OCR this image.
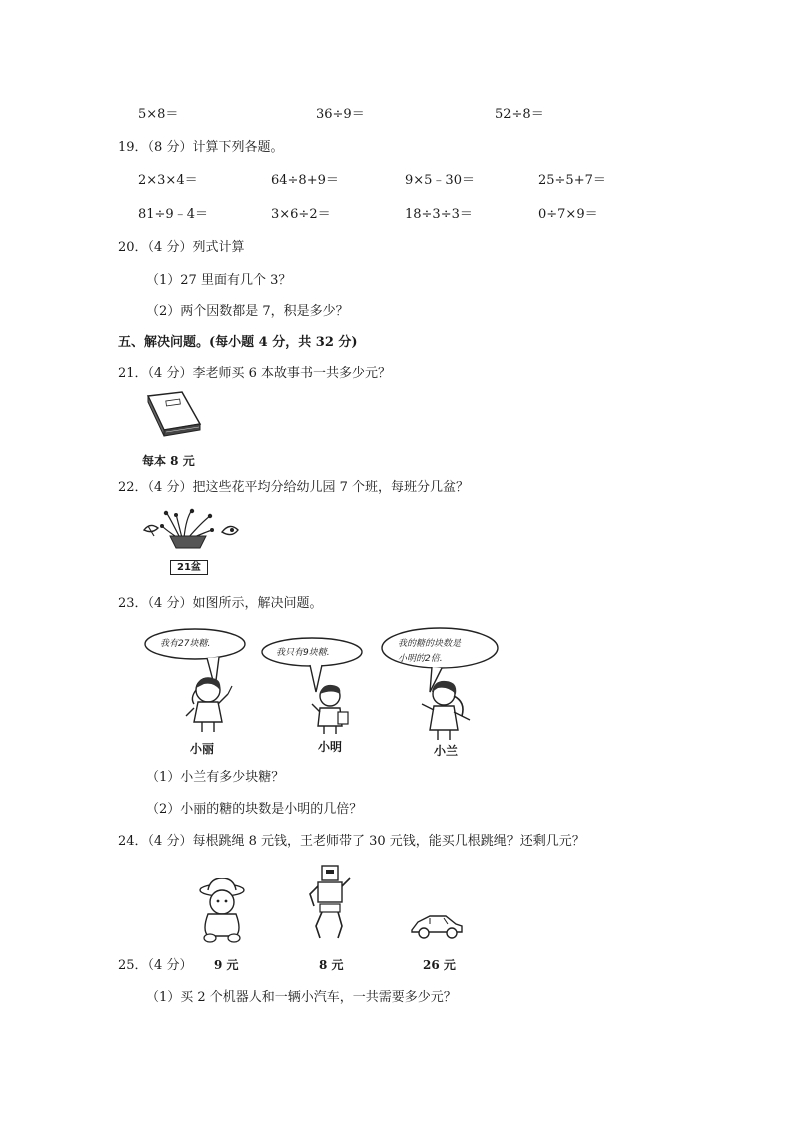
5×8＝	36÷9＝	52÷8＝
19．（8 分）计算下列各题。
2×3×4＝	64÷8+9＝	9×5﹣30＝	25÷5+7＝
81÷9﹣4＝	3×6÷2＝	18÷3÷3＝	0÷7×9＝
20．（4 分）列式计算
（1）27 里面有几个 3？
（2）两个因数都是 7，积是多少？
五、解决问题。(每小题 4 分，共 32 分)
21．（4 分）李老师买 6 本故事书一共多少元？
每本 8 元
22．（4 分）把这些花平均分给幼儿园 7 个班，每班分几盆？
21盆
23．（4 分）如图所示，解决问题。
我有27块糖.
我只有9块糖.
我的糖的块数是
小明的2倍.
小丽	小明	小兰
（1）小兰有多少块糖？
（2）小丽的糖的块数是小明的几倍？
24．（4 分）每根跳绳 8 元钱，王老师带了 30 元钱，能买几根跳绳？还剩几元？
25．（4 分） 9 元	8 元	26 元
（1）买 2 个机器人和一辆小汽车，一共需要多少元？
